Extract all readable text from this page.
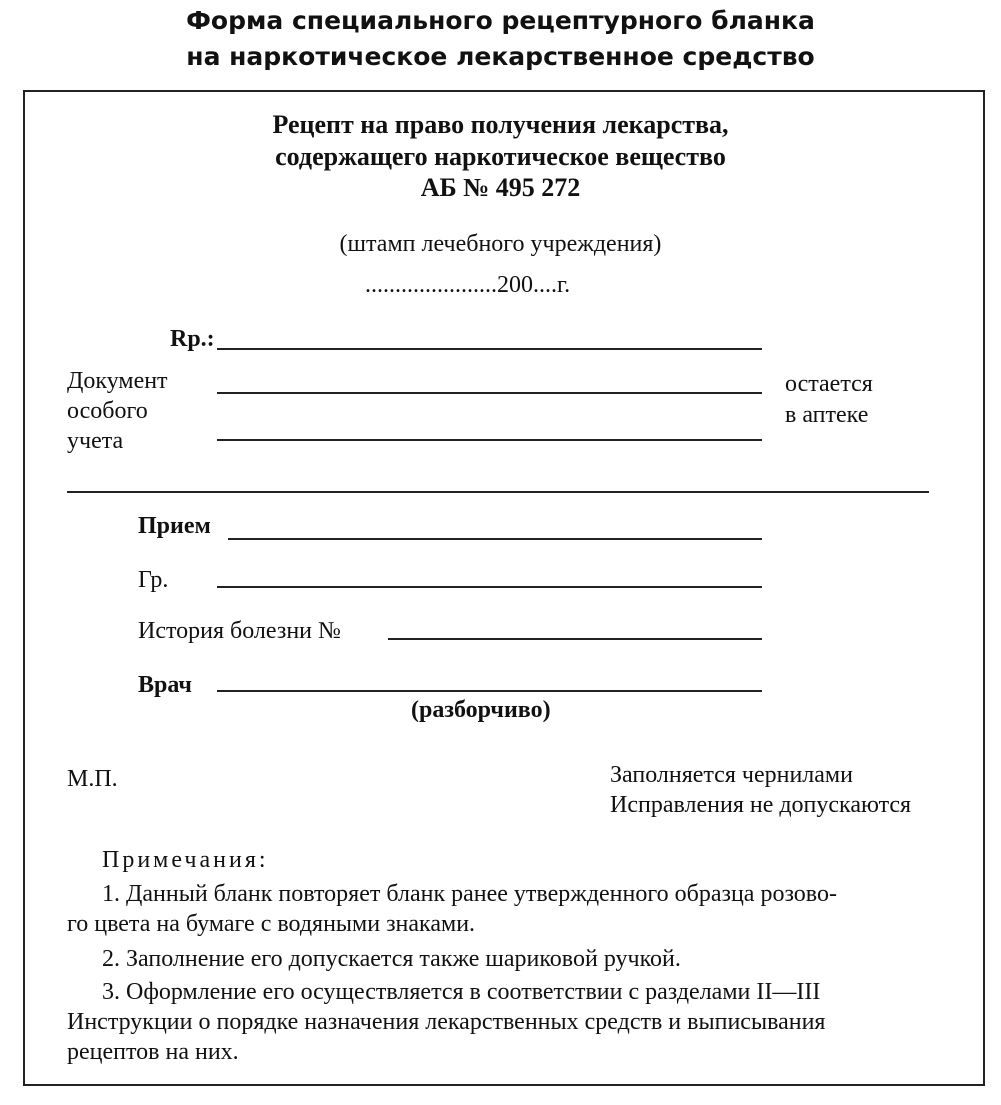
Форма специального рецептурного бланка
на наркотическое лекарственное средство
Рецепт на право получения лекарства,
содержащего наркотическое вещество
АБ № 495 272
(штамп лечебного учреждения)
......................200....г.
Rp.:
Документ
особого
учета
остается
в аптеке
Прием
Гр.
История болезни №
Врач
(разборчиво)
М.П.	Заполняется чернилами
Исправления не допускаются
Примечания:
1. Данный бланк повторяет бланк ранее утвержденного образца розово-
го цвета на бумаге с водяными знаками.
2. Заполнение его допускается также шариковой ручкой.
3. Оформление его осуществляется в соответствии с разделами II—III
Инструкции о порядке назначения лекарственных средств и выписывания
рецептов на них.
